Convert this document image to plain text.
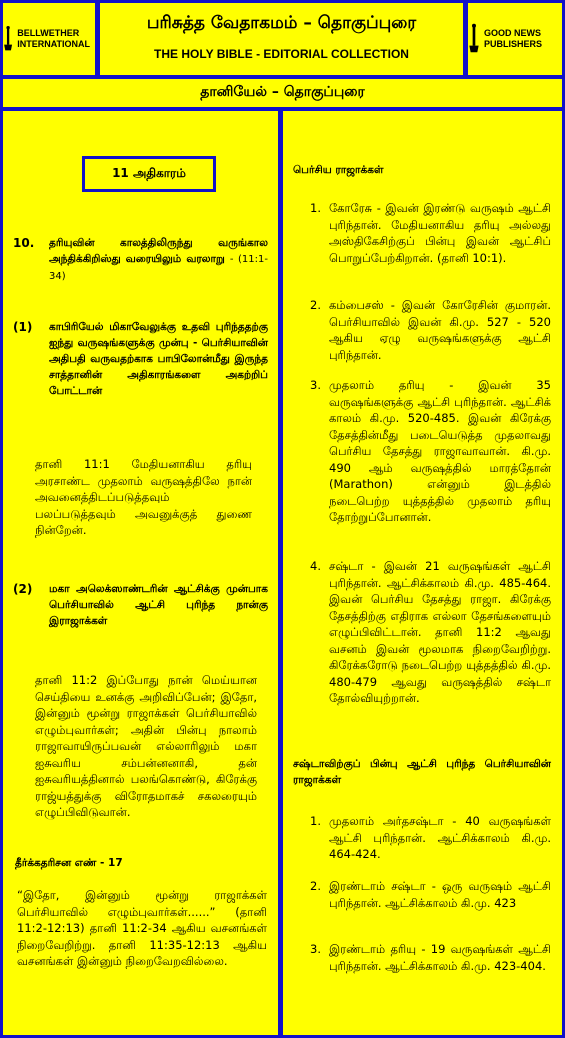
BELLWETHER INTERNATIONAL
பரிசுத்த வேதாகமம் – தொகுப்புரை
THE HOLY BIBLE - EDITORIAL COLLECTION
GOOD NEWS PUBLISHERS
தானியேல் – தொகுப்புரை
11 அதிகாரம்
10.	தரியுவின் காலத்திலிருந்து வருங்கால அந்திக்கிறிஸ்து வரையிலும் வரலாறு - (11:1-34)
(1)	காபிரியேல் மிகாவேலுக்கு உதவி புரிந்ததற்கு ஐந்து வருஷங்களுக்கு முன்பு - பெர்சியாவின் அதிபதி வருவதற்காக பாபிலோன்மீது இருந்த சாத்தானின் அதிகாரங்களை அகற்றிப் போட்டான்
தானி 11:1 மேதியனாகிய தரியு அரசாண்ட முதலாம் வருஷத்திலே நான் அவனைத்திடப்படுத்தவும் பலப்படுத்தவும் அவனுக்குத் துணை நின்றேன்.
(2)	மகா அலெக்ஸாண்டரின் ஆட்சிக்கு முன்பாக பெர்சியாவில் ஆட்சி புரிந்த நான்கு இராஜாக்கள்
தானி 11:2 இப்போது நான் மெய்யான செய்தியை உனக்கு அறிவிப்பேன்; இதோ, இன்னும் மூன்று ராஜாக்கள் பெர்சியாவில் எழும்புவார்கள்; அதின் பின்பு நாலாம் ராஜாவாயிருப்பவன் எல்லாரிலும் மகா ஐசுவரிய சம்பன்னனாகி, தன் ஐசுவரியத்தினால் பலங்கொண்டு, கிரேக்கு ராஜ்யத்துக்கு விரோதமாகச் சகலரையும் எழுப்பிவிடுவான்.
தீர்க்கதரிசன எண் - 17
“இதோ, இன்னும் மூன்று ராஜாக்கள் பெர்சியாவில் எழும்புவார்கள்......” (தானி 11:2-12:13) தானி 11:2-34 ஆகிய வசனங்கள் நிறைவேறிற்று. தானி 11:35-12:13 ஆகிய வசனங்கள் இன்னும் நிறைவேறவில்லை.
பெர்சிய ராஜாக்கள்
1. கோரேசு - இவன் இரண்டு வருஷம் ஆட்சி புரிந்தான். மேதியனாகிய தரியு அல்லது அஸ்திகேசிற்குப் பின்பு இவன் ஆட்சிப் பொறுப்பேற்கிறான். (தானி 10:1).
2. கம்பைசஸ் - இவன் கோரேசின் குமாரன். பெர்சியாவில் இவன் கி.மு. 527 - 520 ஆகிய ஏழு வருஷங்களுக்கு ஆட்சி புரிந்தான்.
3. முதலாம் தரியு - இவன் 35 வருஷங்களுக்கு ஆட்சி புரிந்தான். ஆட்சிக் காலம் கி.மு. 520-485. இவன் கிரேக்கு தேசத்தின்மீது படையெடுத்த முதலாவது பெர்சிய தேசத்து ராஜாவாவான். கி.மு. 490 ஆம் வருஷத்தில் மாரத்தோன் (Marathon) என்னும் இடத்தில் நடைபெற்ற யுத்தத்தில் முதலாம் தரியு தோற்றுப்போனான்.
4. சஷ்டா - இவன் 21 வருஷங்கள் ஆட்சி புரிந்தான். ஆட்சிக்காலம் கி.மு. 485-464. இவன் பெர்சிய தேசத்து ராஜா. கிரேக்கு தேசத்திற்கு எதிராக எல்லா தேசங்களையும் எழுப்பிவிட்டான். தானி 11:2 ஆவது வசனம் இவன் மூலமாக நிறைவேறிற்று. கிரேக்கரோடு நடைபெற்ற யுத்தத்தில் கி.மு. 480-479 ஆவது வருஷத்தில் சஷ்டா தோல்வியுற்றான்.
சஷ்டாவிற்குப் பின்பு ஆட்சி புரிந்த பெர்சியாவின் ராஜாக்கள்
1. முதலாம் அர்தசஷ்டா - 40 வருஷங்கள் ஆட்சி புரிந்தான். ஆட்சிக்காலம் கி.மு. 464-424.
2. இரண்டாம் சஷ்டா - ஒரு வருஷம் ஆட்சி புரிந்தான். ஆட்சிக்காலம் கி.மு. 423
3. இரண்டாம் தரியு - 19 வருஷங்கள் ஆட்சி புரிந்தான். ஆட்சிக்காலம் கி.மு. 423-404.
